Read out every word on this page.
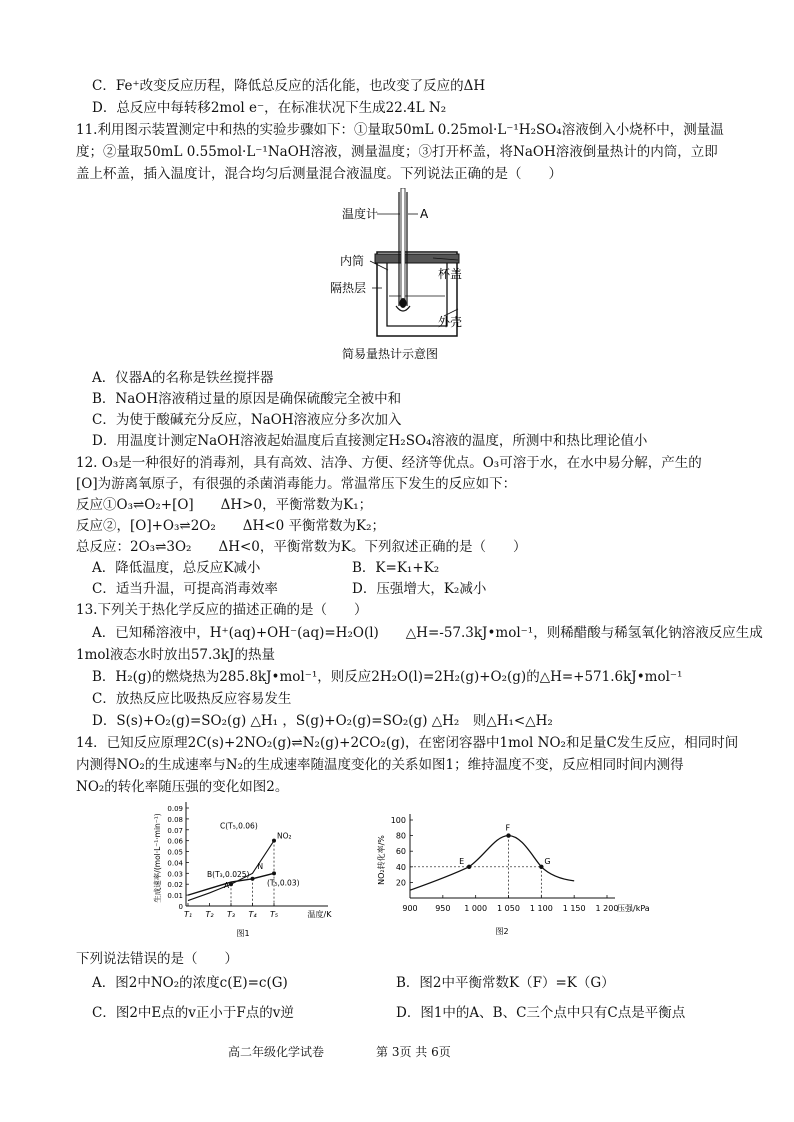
C．Fe⁺改变反应历程，降低总反应的活化能，也改变了反应的ΔH
D．总反应中每转移2mol e⁻，在标准状况下生成22.4L N₂
11.利用图示装置测定中和热的实验步骤如下：①量取50mL 0.25mol·L⁻¹H₂SO₄溶液倒入小烧杯中，测量温
度；②量取50mL 0.55mol·L⁻¹NaOH溶液，测量温度；③打开杯盖，将NaOH溶液倒量热计的内筒，立即
盖上杯盖，插入温度计，混合均匀后测量混合液温度。下列说法正确的是（　　）
温度计	A
内筒
杯盖
隔热层
外壳
简易量热计示意图
A．仪器A的名称是铁丝搅拌器
B．NaOH溶液稍过量的原因是确保硫酸完全被中和
C．为使于酸碱充分反应，NaOH溶液应分多次加入
D．用温度计测定NaOH溶液起始温度后直接测定H₂SO₄溶液的温度，所测中和热比理论值小
12. O₃是一种很好的消毒剂，具有高效、洁净、方便、经济等优点。O₃可溶于水，在水中易分解，产生的
[O]为游离氧原子，有很强的杀菌消毒能力。常温常压下发生的反应如下：
反应①O₃⇌O₂+[O]　　ΔH>0，平衡常数为K₁；
反应②，[O]+O₃⇌2O₂　　ΔH<0 平衡常数为K₂；
总反应：2O₃⇌3O₂　　ΔH<0，平衡常数为K。下列叙述正确的是（　　）
A．降低温度，总反应K减小	B．K=K₁+K₂
C．适当升温，可提高消毒效率	D．压强增大，K₂减小
13.下列关于热化学反应的描述正确的是（　　）
A．已知稀溶液中，H⁺(aq)+OH⁻(aq)=H₂O(l)　　△H=-57.3kJ•mol⁻¹，则稀醋酸与稀氢氧化钠溶液反应生成
1mol液态水时放出57.3kJ的热量
B．H₂(g)的燃烧热为285.8kJ•mol⁻¹，则反应2H₂O(l)=2H₂(g)+O₂(g)的△H=+571.6kJ•mol⁻¹
C．放热反应比吸热反应容易发生
D．S(s)+O₂(g)=SO₂(g) △H₁ ，S(g)+O₂(g)=SO₂(g) △H₂　则△H₁<△H₂
14．已知反应原理2C(s)+2NO₂(g)⇌N₂(g)+2CO₂(g)，在密闭容器中1mol NO₂和足量C发生反应，相同时间
内测得NO₂的生成速率与N₂的生成速率随温度变化的关系如图1；维持温度不变，反应相同时间内测得
NO₂的转化率随压强的变化如图2。
0.09
0.08
0.07
0.06
0.05
0.04
0.03
0.02
0.01
0
T₁ T₂ T₃ T₄ T₅	温度/K
生成速率/(mol·L⁻¹·min⁻¹)
图1
C(T₅,0.06)
NO₂
B(T₃,0.025)
A
N
(T₅,0.03)
100
80
60
40
20
900 950 1 000 1 050 1 100 1 150 1 200
压强/kPa
NO₂转化率/%
图2
E
F
G
下列说法错误的是（　　）
A．图2中NO₂的浓度c(E)=c(G)	B．图2中平衡常数K（F）=K（G）
C．图2中E点的v正小于F点的v逆	D．图1中的A、B、C三个点中只有C点是平衡点
高二年级化学试卷	第 3页 共 6页
